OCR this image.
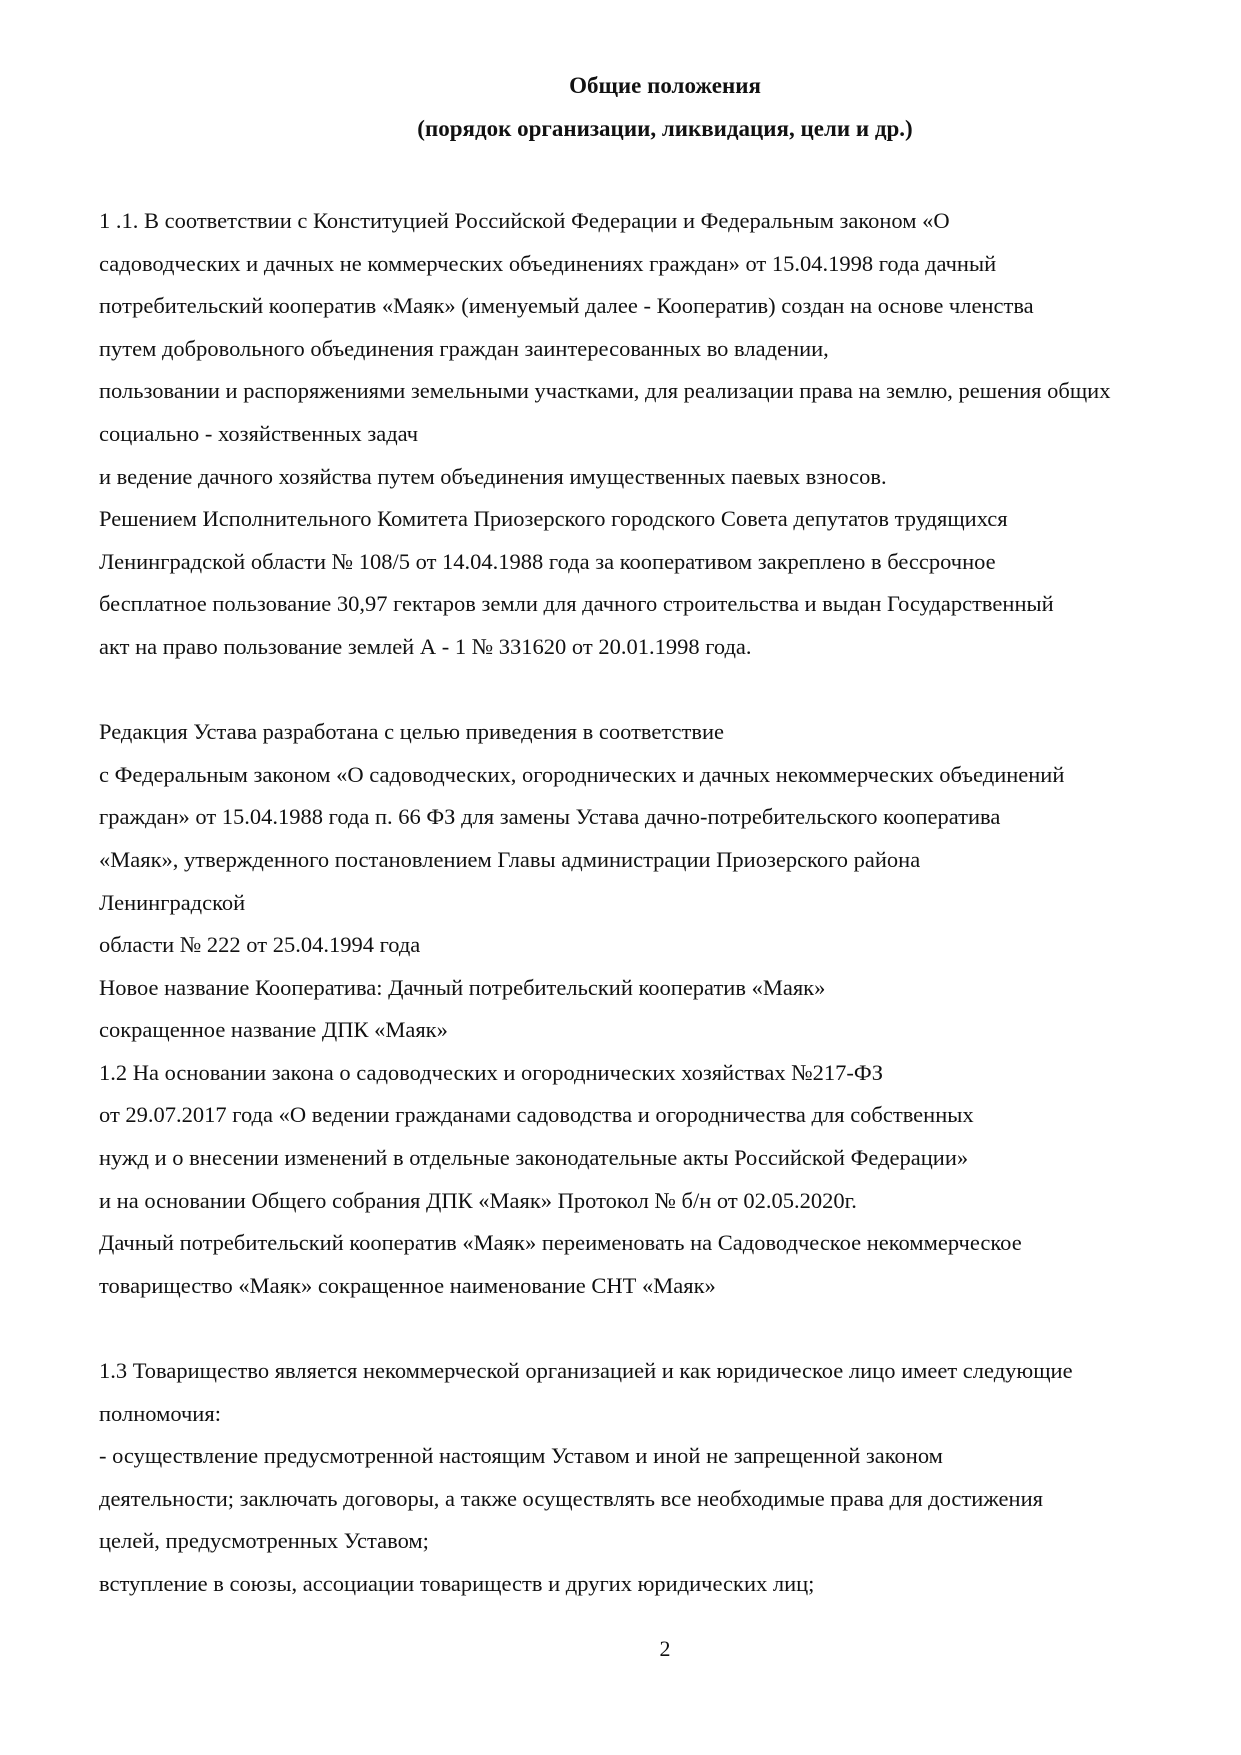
Общие положения
(порядок организации, ликвидация, цели и др.)
1 .1. В соответствии с Конституцией Российской Федерации и Федеральным законом «О
садоводческих и дачных не коммерческих объединениях граждан» от 15.04.1998 года дачный
потребительский кооператив «Маяк» (именуемый далее - Кооператив) создан на основе членства
путем добровольного объединения граждан заинтересованных во владении,
пользовании и распоряжениями земельными участками, для реализации права на землю, решения общих
социально - хозяйственных задач
и ведение дачного хозяйства путем объединения имущественных паевых взносов.
Решением Исполнительного Комитета Приозерского городского Совета депутатов трудящихся
Ленинградской области № 108/5 от 14.04.1988 года за кооперативом закреплено в бессрочное
бесплатное пользование 30,97 гектаров земли для дачного строительства и выдан Государственный
акт на право пользование землей А - 1 № 331620 от 20.01.1998 года.
Редакция Устава разработана с целью приведения в соответствие
с Федеральным законом «О садоводческих, огороднических и дачных некоммерческих объединений
граждан» от 15.04.1988 года п. 66 ФЗ для замены Устава дачно-потребительского кооператива
«Маяк», утвержденного постановлением Главы администрации Приозерского района
Ленинградской
области № 222 от 25.04.1994 года
Новое название Кооператива: Дачный потребительский кооператив «Маяк»
сокращенное название ДПК «Маяк»
1.2 На основании закона о садоводческих и огороднических хозяйствах №217-ФЗ
от 29.07.2017 года «О ведении гражданами садоводства и огородничества для собственных
нужд и о внесении изменений в отдельные законодательные акты Российской Федерации»
и на основании Общего собрания ДПК «Маяк» Протокол № б/н от 02.05.2020г.
Дачный потребительский кооператив «Маяк» переименовать на Садоводческое некоммерческое
товарищество «Маяк» сокращенное наименование СНТ «Маяк»
1.3 Товарищество является некоммерческой организацией и как юридическое лицо имеет следующие
полномочия:
- осуществление предусмотренной настоящим Уставом и иной не запрещенной законом
деятельности; заключать договоры, а также осуществлять все необходимые права для достижения
целей, предусмотренных Уставом;
вступление в союзы, ассоциации товариществ и других юридических лиц;
2
